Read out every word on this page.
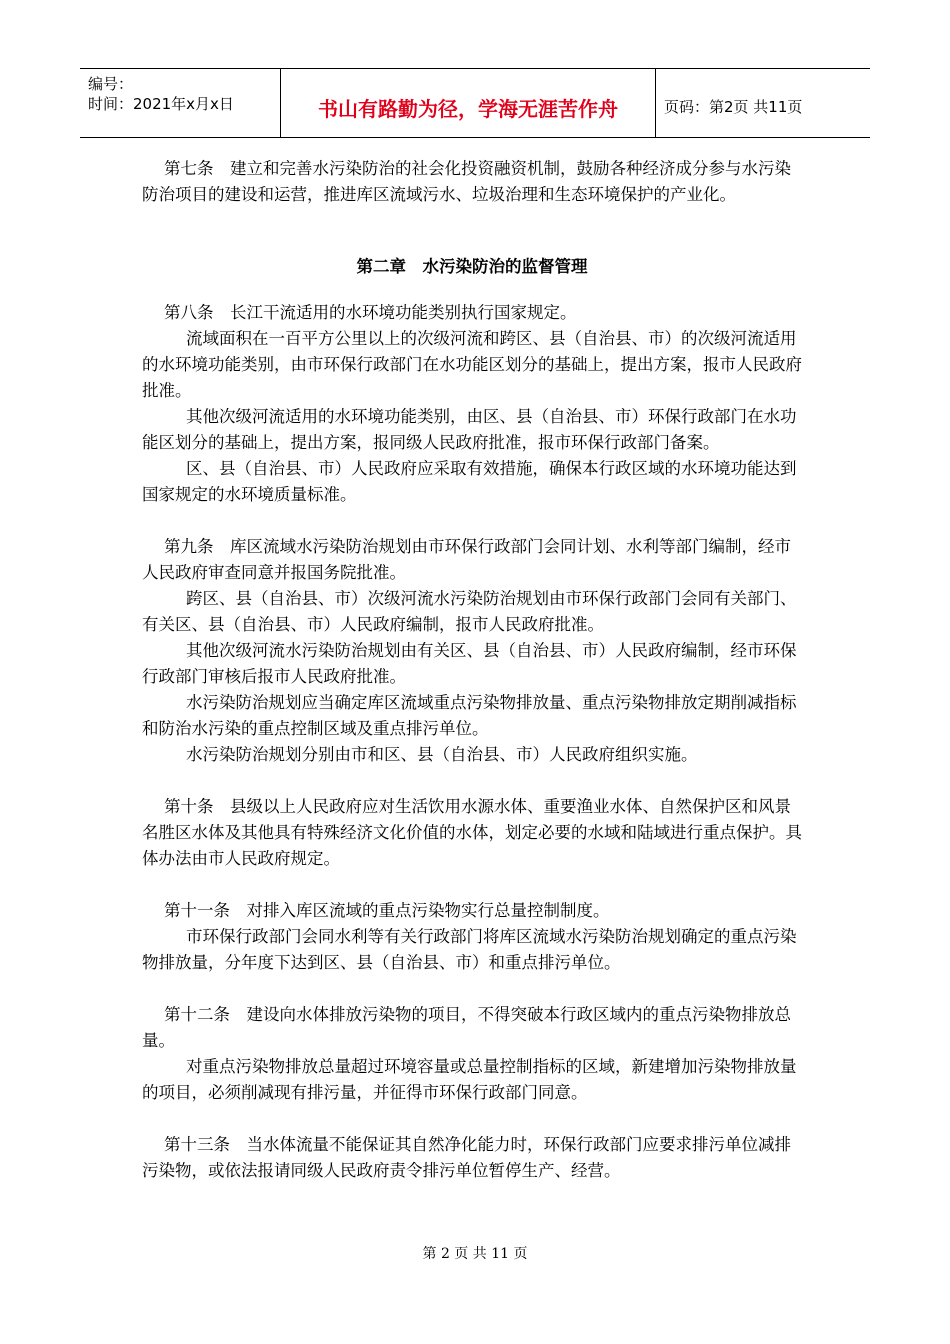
编号：
时间：2021年x月x日	书山有路勤为径，学海无涯苦作舟	页码：第2页 共11页

第七条　建立和完善水污染防治的社会化投资融资机制，鼓励各种经济成分参与水污染防治项目的建设和运营，推进库区流域污水、垃圾治理和生态环境保护的产业化。

第二章　水污染防治的监督管理

第八条　长江干流适用的水环境功能类别执行国家规定。

流域面积在一百平方公里以上的次级河流和跨区、县（自治县、市）的次级河流适用的水环境功能类别，由市环保行政部门在水功能区划分的基础上，提出方案，报市人民政府批准。

其他次级河流适用的水环境功能类别，由区、县（自治县、市）环保行政部门在水功能区划分的基础上，提出方案，报同级人民政府批准，报市环保行政部门备案。

区、县（自治县、市）人民政府应采取有效措施，确保本行政区域的水环境功能达到国家规定的水环境质量标准。

第九条　库区流域水污染防治规划由市环保行政部门会同计划、水利等部门编制，经市人民政府审查同意并报国务院批准。

跨区、县（自治县、市）次级河流水污染防治规划由市环保行政部门会同有关部门、有关区、县（自治县、市）人民政府编制，报市人民政府批准。

其他次级河流水污染防治规划由有关区、县（自治县、市）人民政府编制，经市环保行政部门审核后报市人民政府批准。

水污染防治规划应当确定库区流域重点污染物排放量、重点污染物排放定期削减指标和防治水污染的重点控制区域及重点排污单位。

水污染防治规划分别由市和区、县（自治县、市）人民政府组织实施。

第十条　县级以上人民政府应对生活饮用水源水体、重要渔业水体、自然保护区和风景名胜区水体及其他具有特殊经济文化价值的水体，划定必要的水域和陆域进行重点保护。具体办法由市人民政府规定。

第十一条　对排入库区流域的重点污染物实行总量控制制度。

市环保行政部门会同水利等有关行政部门将库区流域水污染防治规划确定的重点污染物排放量，分年度下达到区、县（自治县、市）和重点排污单位。

第十二条　建设向水体排放污染物的项目，不得突破本行政区域内的重点污染物排放总量。

对重点污染物排放总量超过环境容量或总量控制指标的区域，新建增加污染物排放量的项目，必须削减现有排污量，并征得市环保行政部门同意。

第十三条　当水体流量不能保证其自然净化能力时，环保行政部门应要求排污单位减排污染物，或依法报请同级人民政府责令排污单位暂停生产、经营。

第 2 页 共 11 页
